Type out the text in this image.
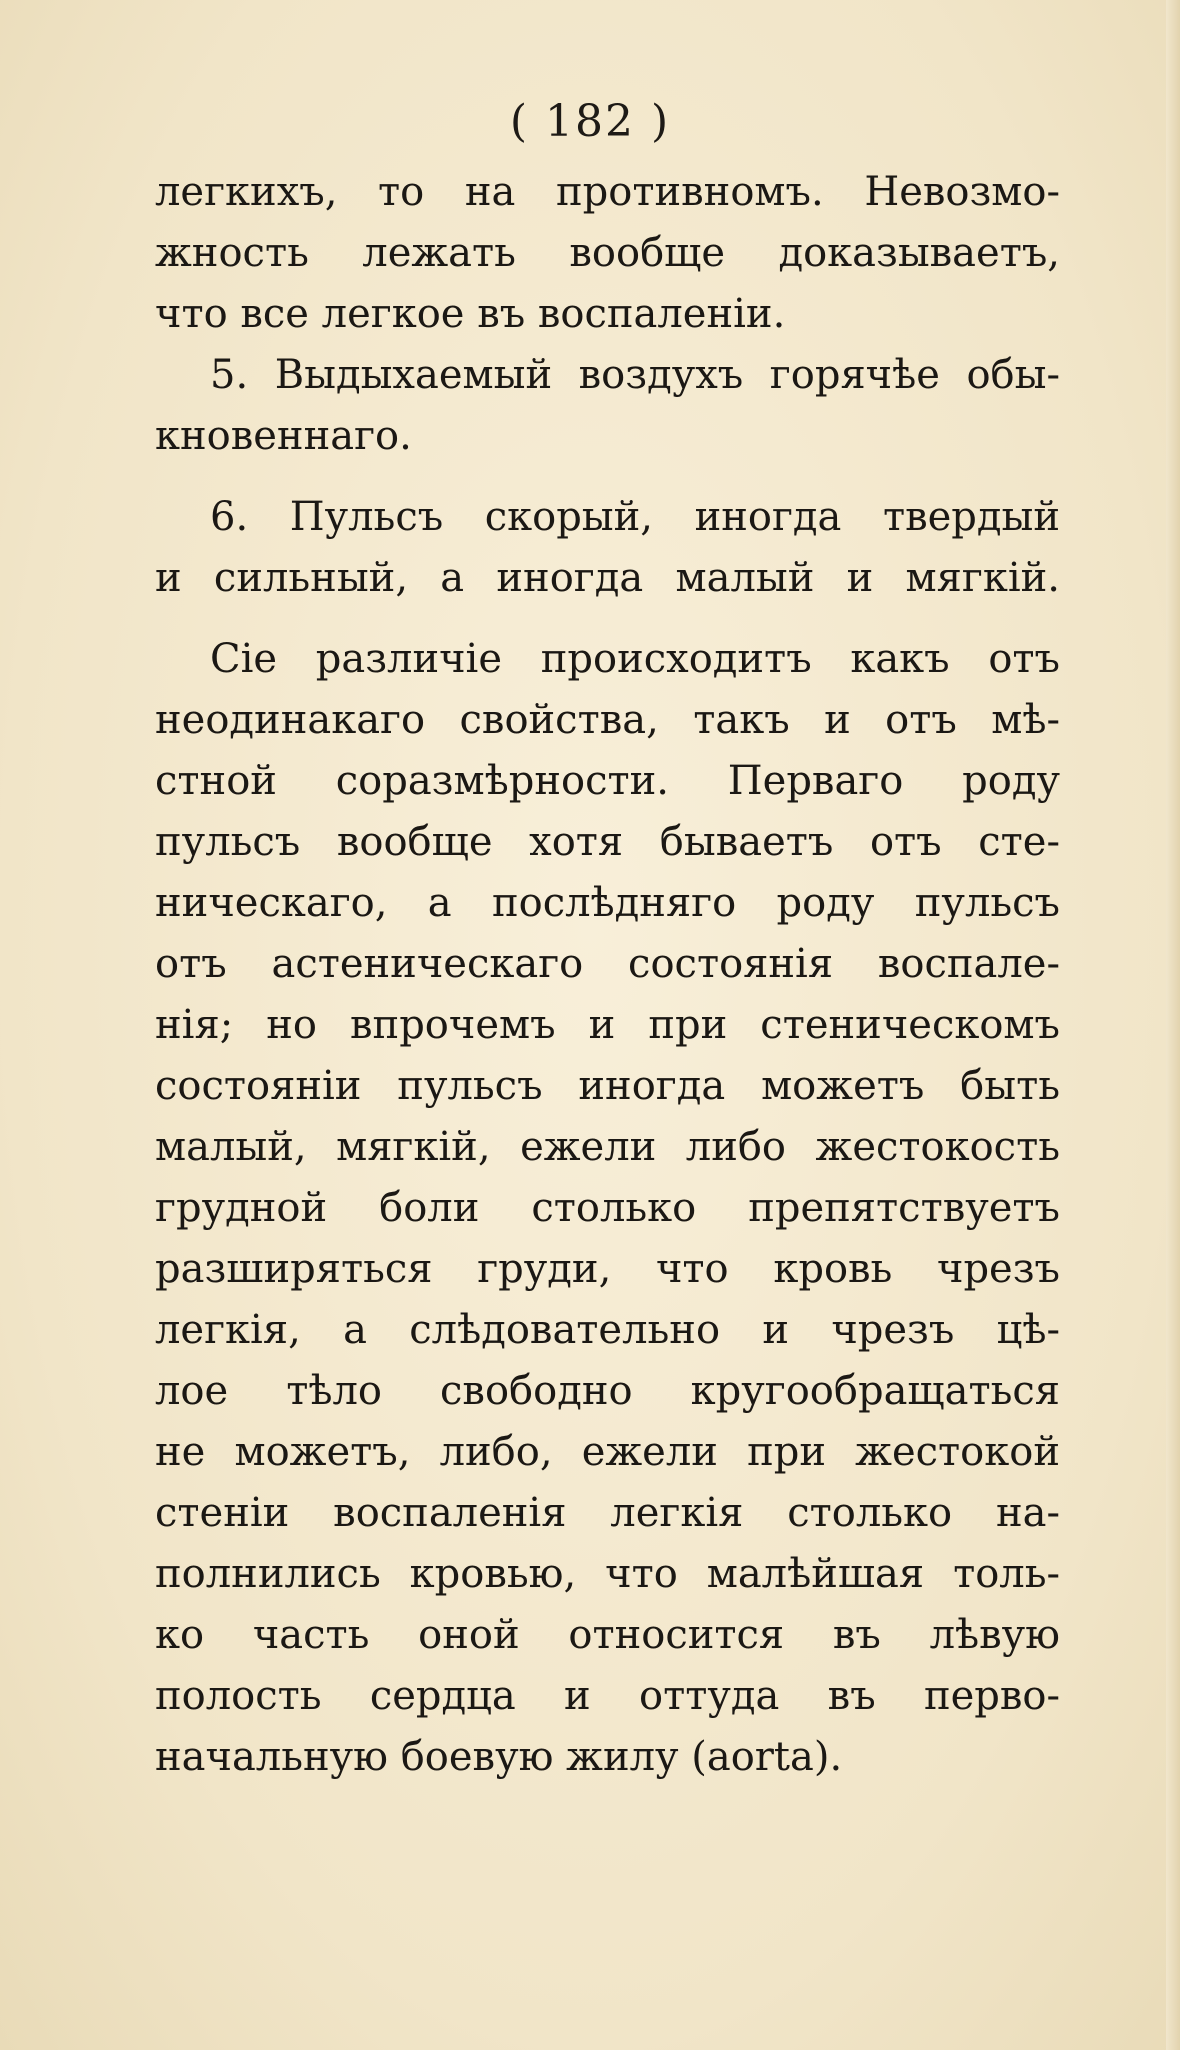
( 182 )
легкихъ, то на противномъ. Невозмо-
жность лежать вообще доказываетъ,
что все легкое въ воспаленіи.
5. Выдыхаемый воздухъ горячѣе обы-
кновеннаго.
6. Пульсъ скорый, иногда твердый
и сильный, а иногда малый и мягкій.
Сіе различіе происходитъ какъ отъ
неодинакаго свойства, такъ и отъ мѣ-
стной соразмѣрности. Перваго роду
пульсъ вообще хотя бываетъ отъ сте-
ническаго, а послѣдняго роду пульсъ
отъ астеническаго состоянія воспале-
нія; но впрочемъ и при стеническомъ
состояніи пульсъ иногда можетъ быть
малый, мягкій, ежели либо жестокость
грудной боли столько препятствуетъ
разширяться груди, что кровь чрезъ
легкія, а слѣдовательно и чрезъ цѣ-
лое тѣло свободно кругообращаться
не можетъ, либо, ежели при жестокой
стеніи воспаленія легкія столько на-
полнились кровью, что малѣйшая толь-
ко часть оной относится въ лѣвую
полость сердца и оттуда въ перво-
начальную боевую жилу (aorta).
